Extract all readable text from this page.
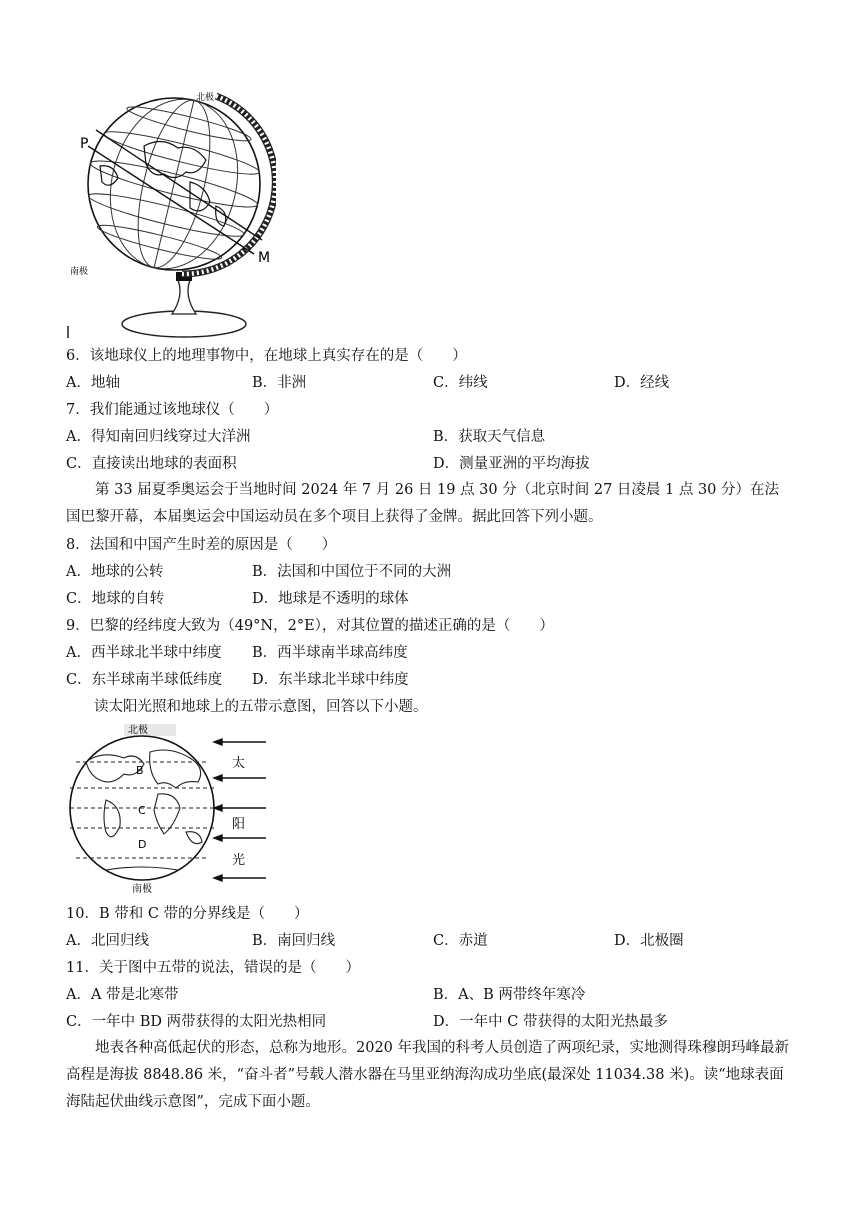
北极
南极
P
M
6．该地球仪上的地理事物中，在地球上真实存在的是（　　）
A．地轴	B．非洲	C．纬线	D．经线
7．我们能通过该地球仪（　　）
A．得知南回归线穿过大洋洲	B．获取天气信息
C．直接读出地球的表面积	D．测量亚洲的平均海拔
第 33 届夏季奥运会于当地时间 2024 年 7 月 26 日 19 点 30 分（北京时间 27 日凌晨 1 点 30 分）在法国巴黎开幕，本届奥运会中国运动员在多个项目上获得了金牌。据此回答下列小题。
8．法国和中国产生时差的原因是（　　）
A．地球的公转	B．法国和中国位于不同的大洲
C．地球的自转	D．地球是不透明的球体
9．巴黎的经纬度大致为（49°N，2°E），对其位置的描述正确的是（　　）
A．西半球北半球中纬度 B．西半球南半球高纬度
C．东半球南半球低纬度 D．东半球北半球中纬度
读太阳光照和地球上的五带示意图，回答以下小题。
北极
南极
B
C
D
太
阳
光
10．B 带和 C 带的分界线是（　　）
A．北回归线	B．南回归线	C．赤道	D．北极圈
11．关于图中五带的说法，错误的是（　　）
A．A 带是北寒带	B．A、B 两带终年寒冷
C．一年中 BD 两带获得的太阳光热相同	D．一年中 C 带获得的太阳光热最多
地表各种高低起伏的形态，总称为地形。2020 年我国的科考人员创造了两项纪录，实地测得珠穆朗玛峰最新高程是海拔 8848.86 米，“奋斗者”号载人潜水器在马里亚纳海沟成功坐底(最深处 11034.38 米)。读“地球表面海陆起伏曲线示意图”，完成下面小题。
